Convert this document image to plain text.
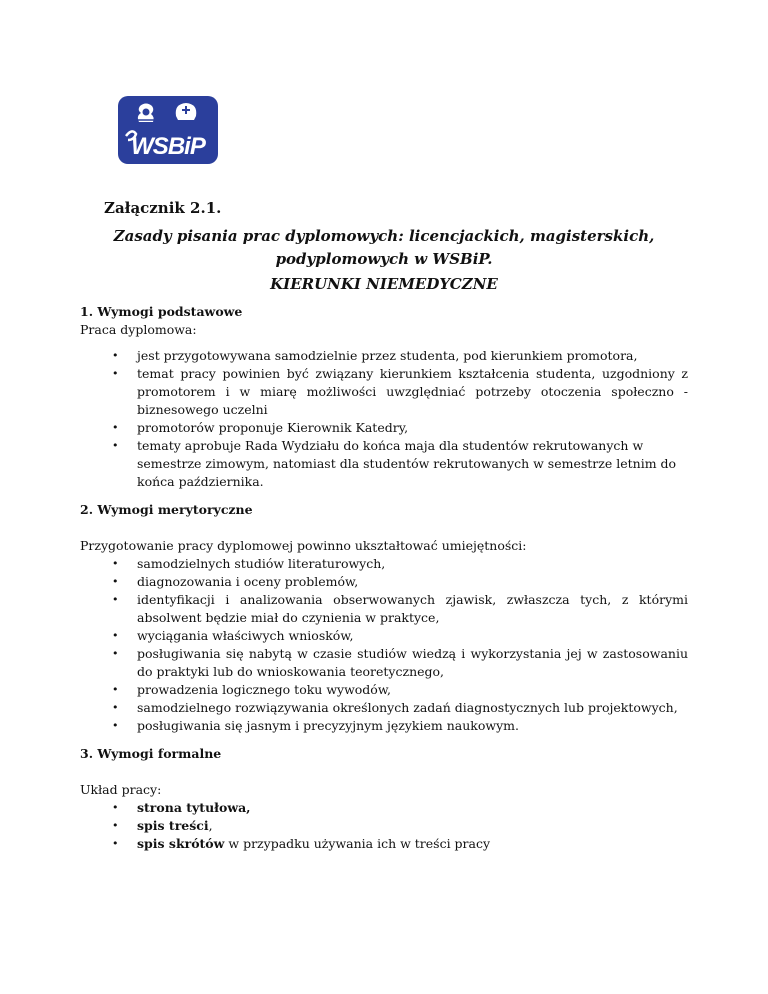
WSBiP
Załącznik 2.1.
Zasady pisania prac dyplomowych: licencjackich, magisterskich, podyplomowych w WSBiP.
KIERUNKI NIEMEDYCZNE
1. Wymogi podstawowe

Praca dyplomowa:

• jest przygotowywana samodzielnie przez studenta, pod kierunkiem promotora,
• temat pracy powinien być związany kierunkiem kształcenia studenta, uzgodniony z promotorem i w miarę możliwości uwzględniać potrzeby otoczenia społeczno - biznesowego uczelni
• promotorów proponuje Kierownik Katedry,
• tematy aprobuje Rada Wydziału do końca maja dla studentów rekrutowanych w semestrze zimowym, natomiast dla studentów rekrutowanych w semestrze letnim do końca października.
2. Wymogi merytoryczne

Przygotowanie pracy dyplomowej powinno ukształtować umiejętności:

• samodzielnych studiów literaturowych,
• diagnozowania i oceny problemów,
• identyfikacji i analizowania obserwowanych zjawisk, zwłaszcza tych, z którymi absolwent będzie miał do czynienia w praktyce,
• wyciągania właściwych wniosków,
• posługiwania się nabytą w czasie studiów wiedzą i wykorzystania jej w zastosowaniu do praktyki lub do wnioskowania teoretycznego,
• prowadzenia logicznego toku wywodów,
• samodzielnego rozwiązywania określonych zadań diagnostycznych lub projektowych,
• posługiwania się jasnym i precyzyjnym językiem naukowym.
3. Wymogi formalne

Układ pracy:

• strona tytułowa,
• spis treści,
• spis skrótów w przypadku używania ich w treści pracy
